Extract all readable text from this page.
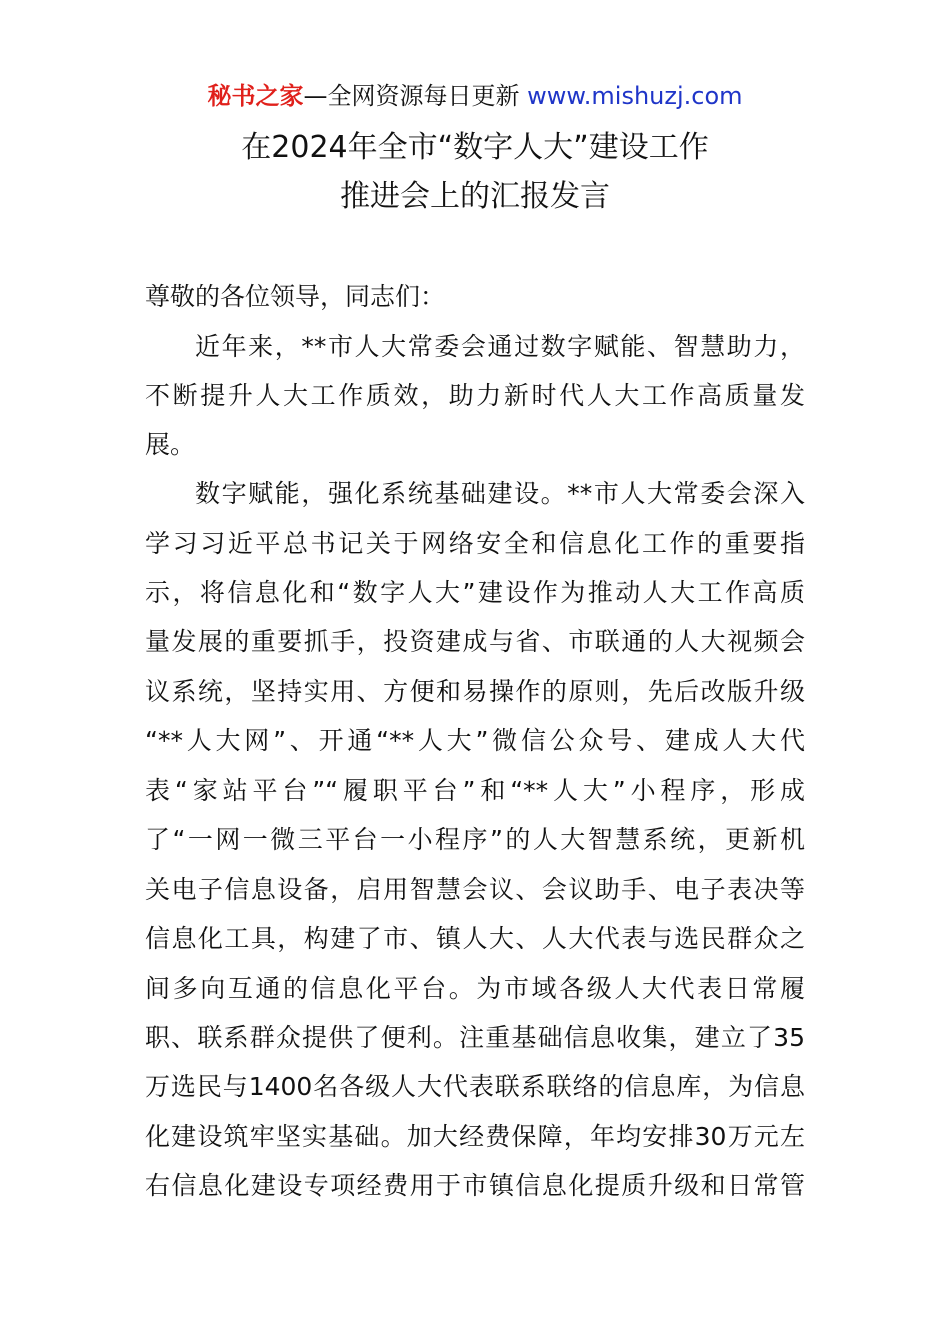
秘书之家—全网资源每日更新 www.mishuzj.com
在2024年全市“数字人大”建设工作
推进会上的汇报发言
尊敬的各位领导，同志们：
近年来，**市人大常委会通过数字赋能、智慧助力，
不断提升人大工作质效，助力新时代人大工作高质量发
展。
数字赋能，强化系统基础建设。**市人大常委会深入
学习习近平总书记关于网络安全和信息化工作的重要指
示，将信息化和“数字人大”建设作为推动人大工作高质
量发展的重要抓手，投资建成与省、市联通的人大视频会
议系统，坚持实用、方便和易操作的原则，先后改版升级
“**人大网”、开通“**人大”微信公众号、建成人大代
表“家站平台”“履职平台”和“**人大”小程序，形成
了“一网一微三平台一小程序”的人大智慧系统，更新机
关电子信息设备，启用智慧会议、会议助手、电子表决等
信息化工具，构建了市、镇人大、人大代表与选民群众之
间多向互通的信息化平台。为市域各级人大代表日常履
职、联系群众提供了便利。注重基础信息收集，建立了35
万选民与1400名各级人大代表联系联络的信息库，为信息
化建设筑牢坚实基础。加大经费保障，年均安排30万元左
右信息化建设专项经费用于市镇信息化提质升级和日常管
